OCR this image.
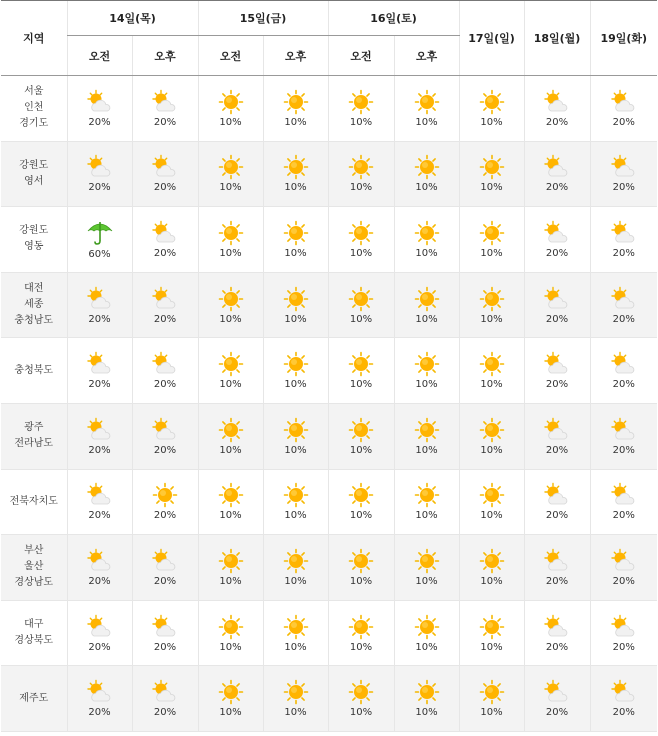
지역	14일(목)		15일(금)		16일(토)		17일(일)	18일(월)	19일(화)
	오전	오후	오전	오후	오전	오후			

서울
인천
경기도	20%	20%	10%	10%	10%	10%	10%	20%	20%

강원도
영서	20%	20%	10%	10%	10%	10%	10%	20%	20%

강원도
영동	60%	20%	10%	10%	10%	10%	10%	20%	20%

대전
세종
충청남도	20%	20%	10%	10%	10%	10%	10%	20%	20%

충청북도	20%	20%	10%	10%	10%	10%	10%	20%	20%

광주
전라남도	20%	20%	10%	10%	10%	10%	10%	20%	20%

전북자치도	20%	20%	10%	10%	10%	10%	10%	20%	20%

부산
울산
경상남도	20%	20%	10%	10%	10%	10%	10%	20%	20%

대구
경상북도	20%	20%	10%	10%	10%	10%	10%	20%	20%

제주도	20%	20%	10%	10%	10%	10%	10%	20%	20%
